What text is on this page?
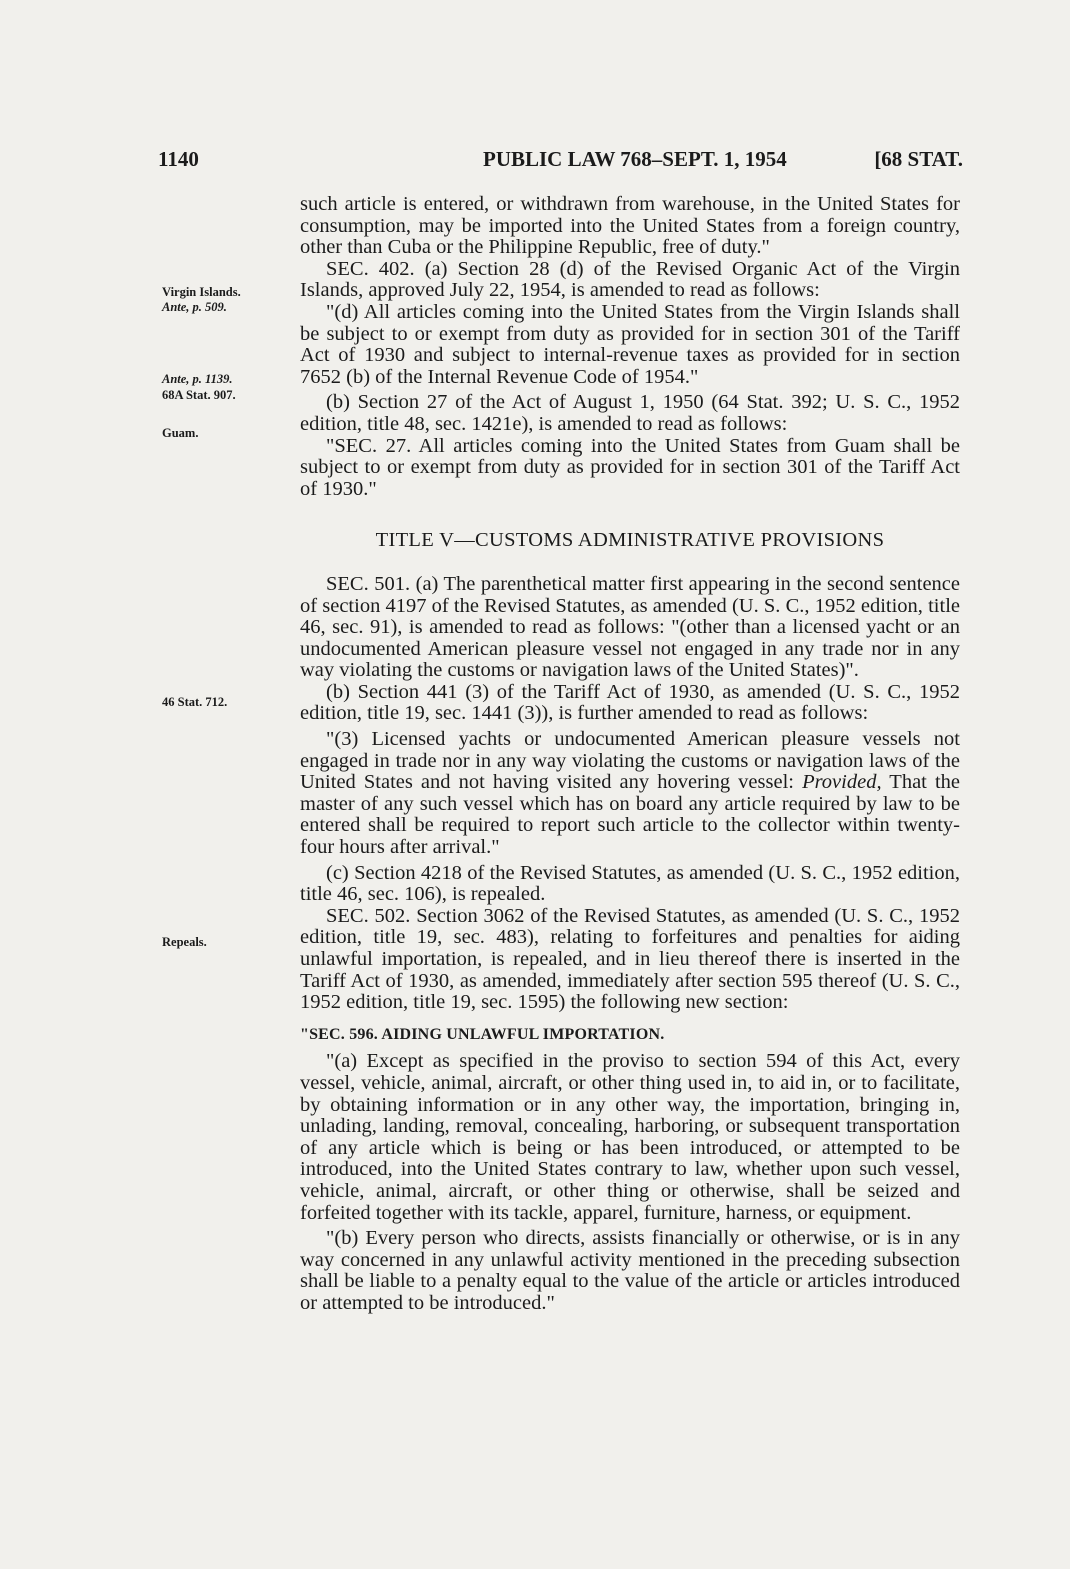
1140	PUBLIC LAW 768–SEPT. 1, 1954	[68 STAT.
Virgin Islands.
Ante, p. 509.
Ante, p. 1139.
68A Stat. 907.
Guam.
46 Stat. 712.
Repeals.

such article is entered, or withdrawn from warehouse, in the United States for consumption, may be imported into the United States from a foreign country, other than Cuba or the Philippine Republic, free of duty."

SEC. 402. (a) Section 28 (d) of the Revised Organic Act of the Virgin Islands, approved July 22, 1954, is amended to read as follows:

"(d) All articles coming into the United States from the Virgin Islands shall be subject to or exempt from duty as provided for in section 301 of the Tariff Act of 1930 and subject to internal-revenue taxes as provided for in section 7652 (b) of the Internal Revenue Code of 1954."

(b) Section 27 of the Act of August 1, 1950 (64 Stat. 392; U. S. C., 1952 edition, title 48, sec. 1421e), is amended to read as follows:

"SEC. 27. All articles coming into the United States from Guam shall be subject to or exempt from duty as provided for in section 301 of the Tariff Act of 1930."

TITLE V—CUSTOMS ADMINISTRATIVE PROVISIONS

SEC. 501. (a) The parenthetical matter first appearing in the second sentence of section 4197 of the Revised Statutes, as amended (U. S. C., 1952 edition, title 46, sec. 91), is amended to read as follows: "(other than a licensed yacht or an undocumented American pleasure vessel not engaged in any trade nor in any way violating the customs or navigation laws of the United States)".

(b) Section 441 (3) of the Tariff Act of 1930, as amended (U. S. C., 1952 edition, title 19, sec. 1441 (3)), is further amended to read as follows:

"(3) Licensed yachts or undocumented American pleasure vessels not engaged in trade nor in any way violating the customs or navigation laws of the United States and not having visited any hovering vessel: Provided, That the master of any such vessel which has on board any article required by law to be entered shall be required to report such article to the collector within twenty-four hours after arrival."

(c) Section 4218 of the Revised Statutes, as amended (U. S. C., 1952 edition, title 46, sec. 106), is repealed.

SEC. 502. Section 3062 of the Revised Statutes, as amended (U. S. C., 1952 edition, title 19, sec. 483), relating to forfeitures and penalties for aiding unlawful importation, is repealed, and in lieu thereof there is inserted in the Tariff Act of 1930, as amended, immediately after section 595 thereof (U. S. C., 1952 edition, title 19, sec. 1595) the following new section:

"SEC. 596. AIDING UNLAWFUL IMPORTATION.

"(a) Except as specified in the proviso to section 594 of this Act, every vessel, vehicle, animal, aircraft, or other thing used in, to aid in, or to facilitate, by obtaining information or in any other way, the importation, bringing in, unlading, landing, removal, concealing, harboring, or subsequent transportation of any article which is being or has been introduced, or attempted to be introduced, into the United States contrary to law, whether upon such vessel, vehicle, animal, aircraft, or other thing or otherwise, shall be seized and forfeited together with its tackle, apparel, furniture, harness, or equipment.

"(b) Every person who directs, assists financially or otherwise, or is in any way concerned in any unlawful activity mentioned in the preceding subsection shall be liable to a penalty equal to the value of the article or articles introduced or attempted to be introduced."
